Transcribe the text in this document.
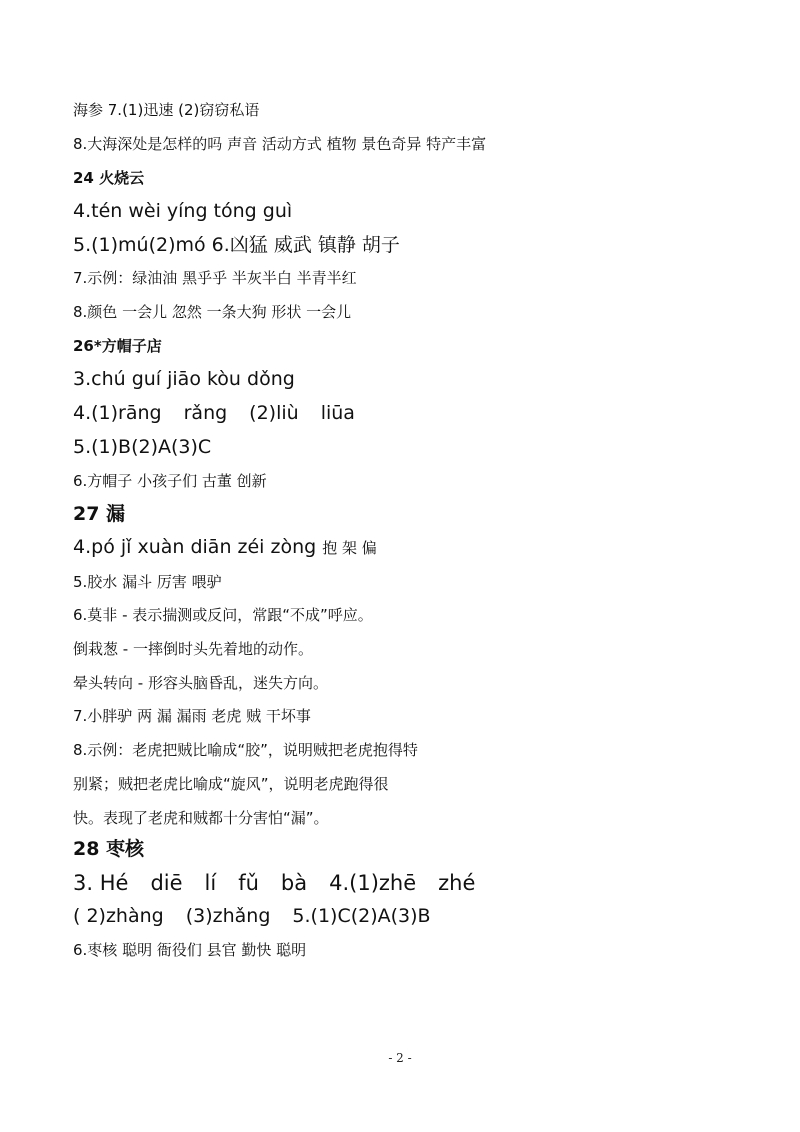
海参 7.(1)迅速 (2)窃窃私语
8.大海深处是怎样的吗 声音 活动方式 植物 景色奇异 特产丰富
24 火烧云
4.tén wèi yíng tóng guì
5.(1)mú(2)mó 6.凶猛 威武 镇静 胡子
7.示例：绿油油 黑乎乎 半灰半白 半青半红
8.颜色 一会儿 忽然 一条大狗 形状 一会儿
26*方帽子店
3.chú guí jiāo kòu dǒng
4.(1)rāng rǎng (2)liù liūa
5.(1)B(2)A(3)C
6.方帽子 小孩子们 古董 创新
27 漏
4.pó jǐ xuàn diān zéi zòng 抱 架 偏
5.胶水 漏斗 厉害 喂驴
6.莫非 - 表示揣测或反问，常跟“不成”呼应。
倒栽葱 - 一摔倒时头先着地的动作。
晕头转向 - 形容头脑昏乱，迷失方向。
7.小胖驴 两 漏 漏雨 老虎 贼 干坏事
8.示例：老虎把贼比喻成“胶”，说明贼把老虎抱得特
别紧；贼把老虎比喻成“旋风”，说明老虎跑得很
快。表现了老虎和贼都十分害怕“漏”。
28 枣核
3. Hé diē lí fǔ bà 4.(1)zhē zhé
( 2)zhàng (3)zhǎng 5.(1)C(2)A(3)B
6.枣核 聪明 衙役们 县官 勤快 聪明
- 2 -
